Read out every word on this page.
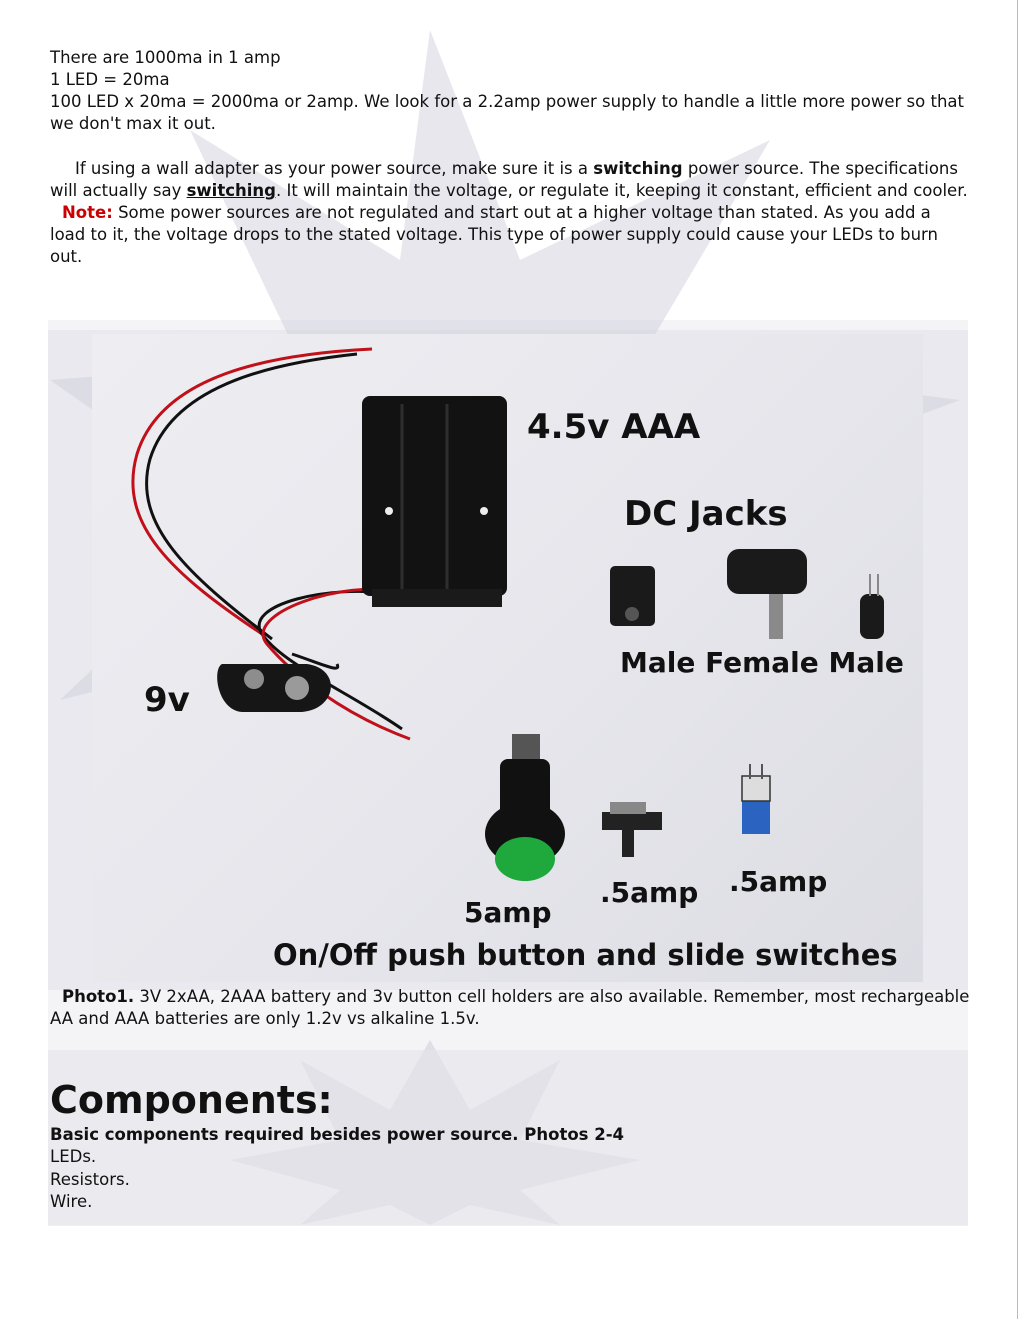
There are 1000ma in 1 amp
1 LED = 20ma
100 LED x 20ma = 2000ma or 2amp. We look for a 2.2amp power supply to handle a little more power so that we don't max it out.
If using a wall adapter as your power source, make sure it is a switching power source. The specifications will actually say switching. It will maintain the voltage, or regulate it, keeping it constant, efficient and cooler.
Note: Some power sources are not regulated and start out at a higher voltage than stated. As you add a load to it, the voltage drops to the stated voltage. This type of power supply could cause your LEDs to burn out.
4.5v AAA
DC Jacks
Male Female Male
9v
5amp
.5amp .5amp
On/Off push button and slide switches
Photo1. 3V 2xAA, 2AAA battery and 3v button cell holders are also available. Remember, most rechargeable AA and AAA batteries are only 1.2v vs alkaline 1.5v.
Components:
Basic components required besides power source. Photos 2-4
LEDs.
Resistors.
Wire.
